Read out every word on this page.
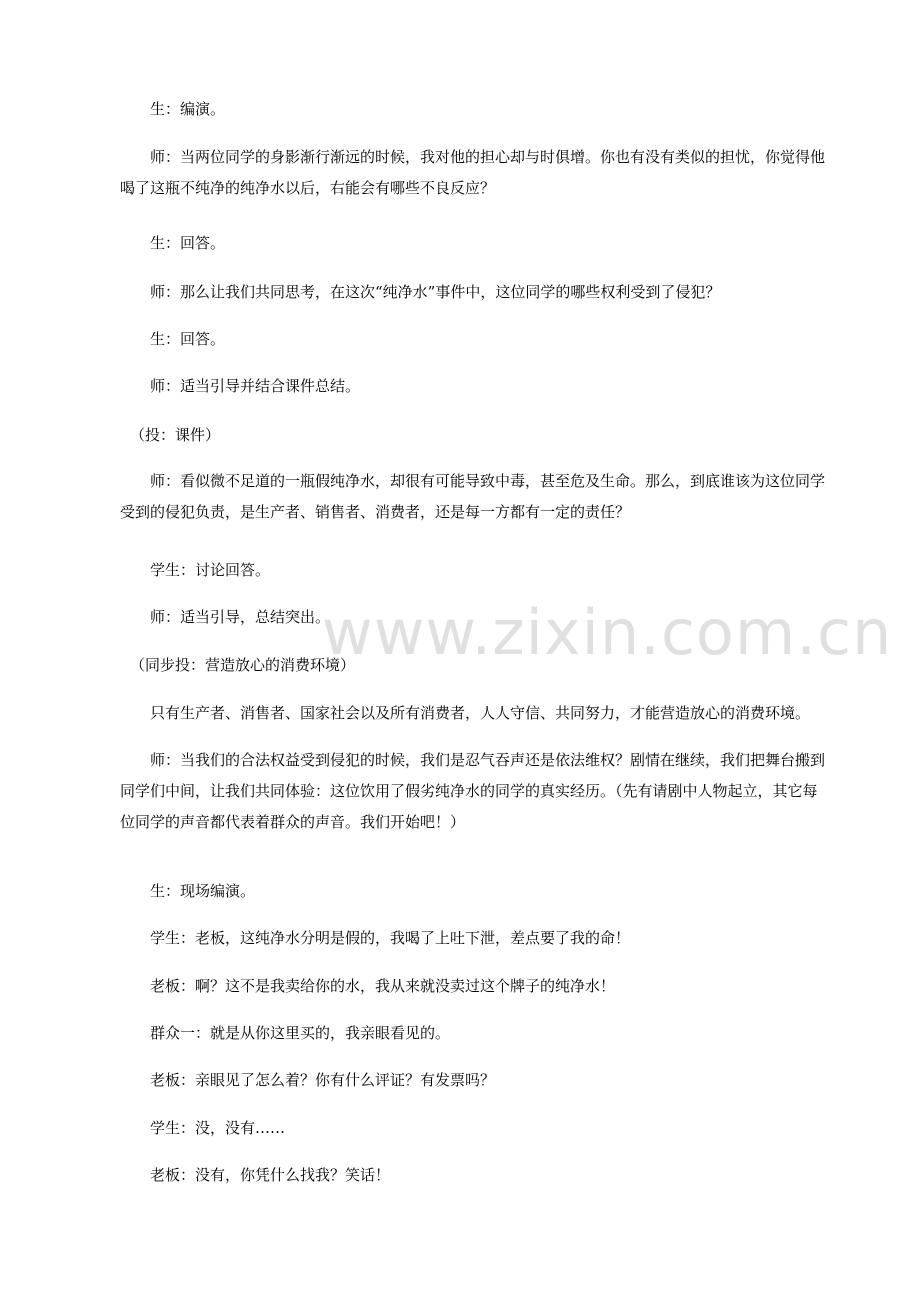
生：编演。

师：当两位同学的身影渐行渐远的时候，我对他的担心却与时俱增。你也有没有类似的担忧，你觉得他喝了这瓶不纯净的纯净水以后，右能会有哪些不良反应？

生：回答。

师：那么让我们共同思考，在这次“纯净水”事件中，这位同学的哪些权利受到了侵犯？

生：回答。

师：适当引导并结合课件总结。

（投：课件）

师：看似微不足道的一瓶假纯净水，却很有可能导致中毒，甚至危及生命。那么，到底谁该为这位同学受到的侵犯负责，是生产者、销售者、消费者，还是每一方都有一定的责任？

学生：讨论回答。

师：适当引导，总结突出。

（同步投：营造放心的消费环境）

只有生产者、消售者、国家社会以及所有消费者，人人守信、共同努力，才能营造放心的消费环境。

师：当我们的合法权益受到侵犯的时候，我们是忍气吞声还是依法维权？剧情在继续，我们把舞台搬到同学们中间，让我们共同体验：这位饮用了假劣纯净水的同学的真实经历。（先有请剧中人物起立，其它每位同学的声音都代表着群众的声音。我们开始吧！）

生：现场编演。

学生：老板，这纯净水分明是假的，我喝了上吐下泄，差点要了我的命！

老板：啊？这不是我卖给你的水，我从来就没卖过这个牌子的纯净水！

群众一：就是从你这里买的，我亲眼看见的。

老板：亲眼见了怎么着？你有什么评证？有发票吗？

学生：没，没有……

老板：没有，你凭什么找我？笑话！

www.zixin.com.cn
